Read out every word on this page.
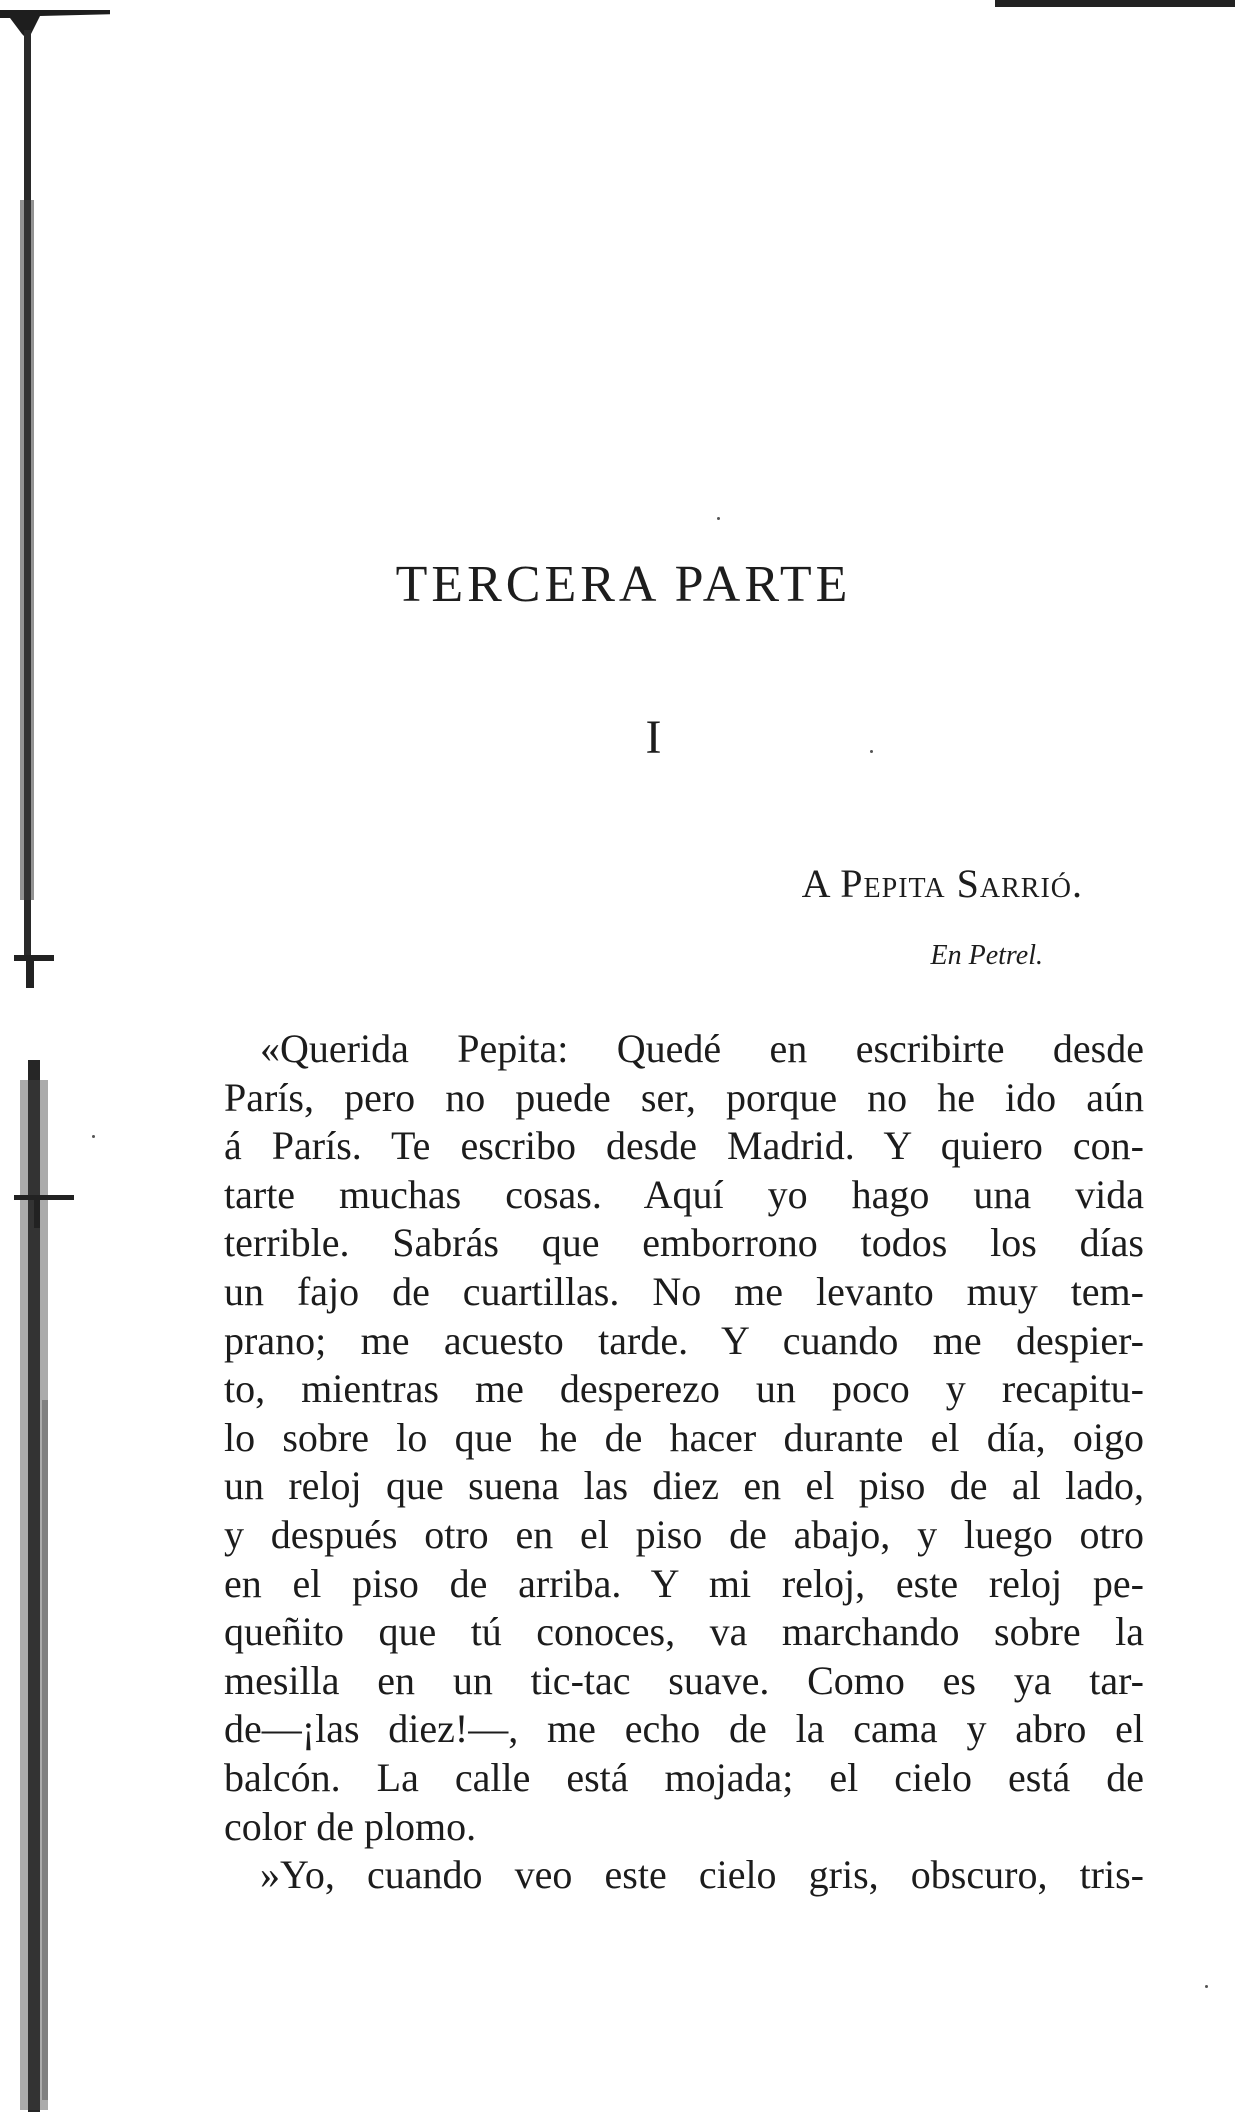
TERCERA PARTE
I
A Pepita Sarrió.
En Petrel.
«Querida Pepita: Quedé en escribirte desde
París, pero no puede ser, porque no he ido aún
á París. Te escribo desde Madrid. Y quiero con-
tarte muchas cosas. Aquí yo hago una vida
terrible. Sabrás que emborrono todos los días
un fajo de cuartillas. No me levanto muy tem-
prano; me acuesto tarde. Y cuando me despier-
to, mientras me desperezo un poco y recapitu-
lo sobre lo que he de hacer durante el día, oigo
un reloj que suena las diez en el piso de al lado,
y después otro en el piso de abajo, y luego otro
en el piso de arriba. Y mi reloj, este reloj pe-
queñito que tú conoces, va marchando sobre la
mesilla en un tic-tac suave. Como es ya tar-
de—¡las diez!—, me echo de la cama y abro el
balcón. La calle está mojada; el cielo está de
color de plomo.
»Yo, cuando veo este cielo gris, obscuro, tris-
